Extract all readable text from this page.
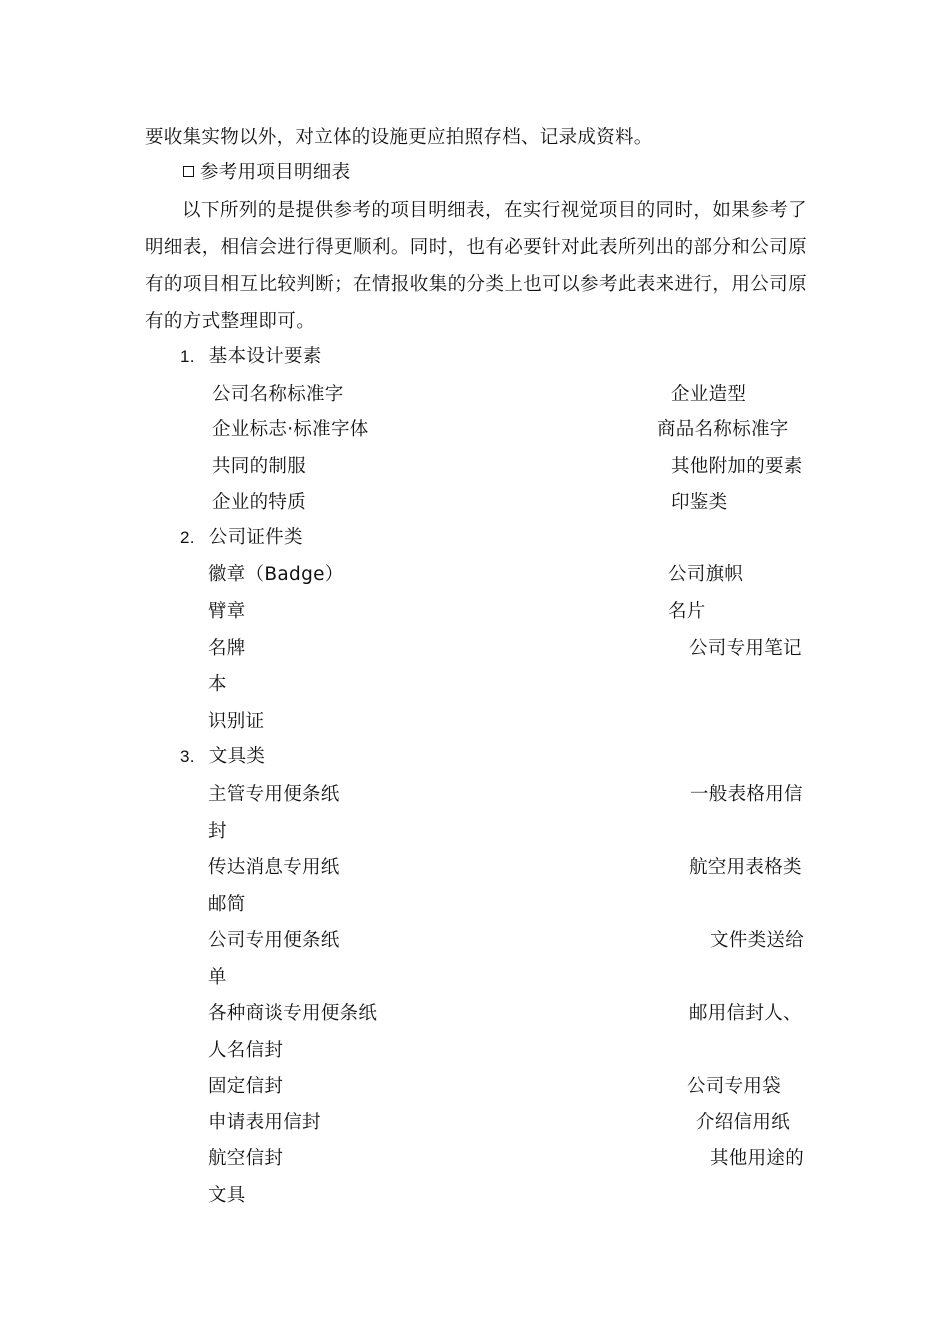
要收集实物以外，对立体的设施更应拍照存档、记录成资料。
参考用项目明细表
以下所列的是提供参考的项目明细表，在实行视觉项目的同时，如果参考了明细表，相信会进行得更顺利。同时，也有必要针对此表所列出的部分和公司原有的项目相互比较判断；在情报收集的分类上也可以参考此表来进行，用公司原有的方式整理即可。
1. 基本设计要素
公司名称标准字	企业造型
企业标志·标准字体	商品名称标准字
共同的制服	其他附加的要素
企业的特质	印鉴类
2. 公司证件类
徽章（Badge）	公司旗帜
臂章	名片
名牌	公司专用笔记
本
识别证
3. 文具类
主管专用便条纸	一般表格用信
封
传达消息专用纸	航空用表格类
邮简
公司专用便条纸	文件类送给
单
各种商谈专用便条纸	邮用信封人、
人名信封
固定信封	公司专用袋
申请表用信封	介绍信用纸
航空信封	其他用途的
文具
